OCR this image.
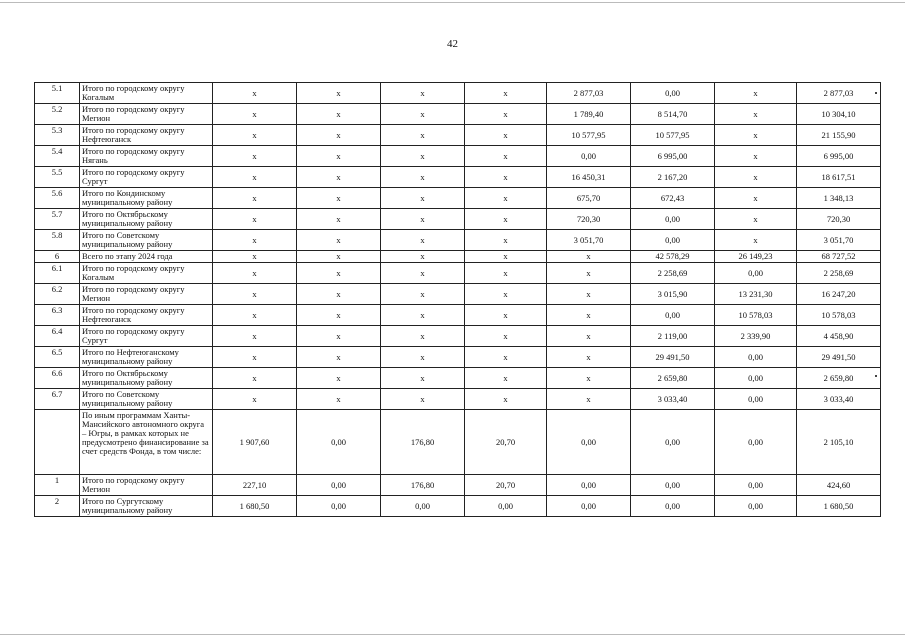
42
5.1	Итого по городскому округу Когалым	x	x	x	x	2 877,03	0,00	x	2 877,03
5.2	Итого по городскому округу Мегион	x	x	x	x	1 789,40	8 514,70	x	10 304,10
5.3	Итого по городскому округу Нефтеюганск	x	x	x	x	10 577,95	10 577,95	x	21 155,90
5.4	Итого по городскому округу Нягань	x	x	x	x	0,00	6 995,00	x	6 995,00
5.5	Итого по городскому округу Сургут	x	x	x	x	16 450,31	2 167,20	x	18 617,51
5.6	Итого по Кондинскому муниципальному району	x	x	x	x	675,70	672,43	x	1 348,13
5.7	Итого по Октябрьскому муниципальному району	x	x	x	x	720,30	0,00	x	720,30
5.8	Итого по Советскому муниципальному району	x	x	x	x	3 051,70	0,00	x	3 051,70
6	Всего по этапу 2024 года	x	x	x	x	x	42 578,29	26 149,23	68 727,52
6.1	Итого по городскому округу Когалым	x	x	x	x	x	2 258,69	0,00	2 258,69
6.2	Итого по городскому округу Мегион	x	x	x	x	x	3 015,90	13 231,30	16 247,20
6.3	Итого по городскому округу Нефтеюганск	x	x	x	x	x	0,00	10 578,03	10 578,03
6.4	Итого по городскому округу Сургут	x	x	x	x	x	2 119,00	2 339,90	4 458,90
6.5	Итого по Нефтеюганскому муниципальному району	x	x	x	x	x	29 491,50	0,00	29 491,50
6.6	Итого по Октябрьскому муниципальному району	x	x	x	x	x	2 659,80	0,00	2 659,80
6.7	Итого по Советскому муниципальному району	x	x	x	x	x	3 033,40	0,00	3 033,40
	По иным программам Ханты-Мансийского автономного округа – Югры, в рамках которых не предусмотрено финансирование за счет средств Фонда, в том числе:	1 907,60	0,00	176,80	20,70	0,00	0,00	0,00	2 105,10
1	Итого по городскому округу Мегион	227,10	0,00	176,80	20,70	0,00	0,00	0,00	424,60
2	Итого по Сургутскому муниципальному району	1 680,50	0,00	0,00	0,00	0,00	0,00	0,00	1 680,50
